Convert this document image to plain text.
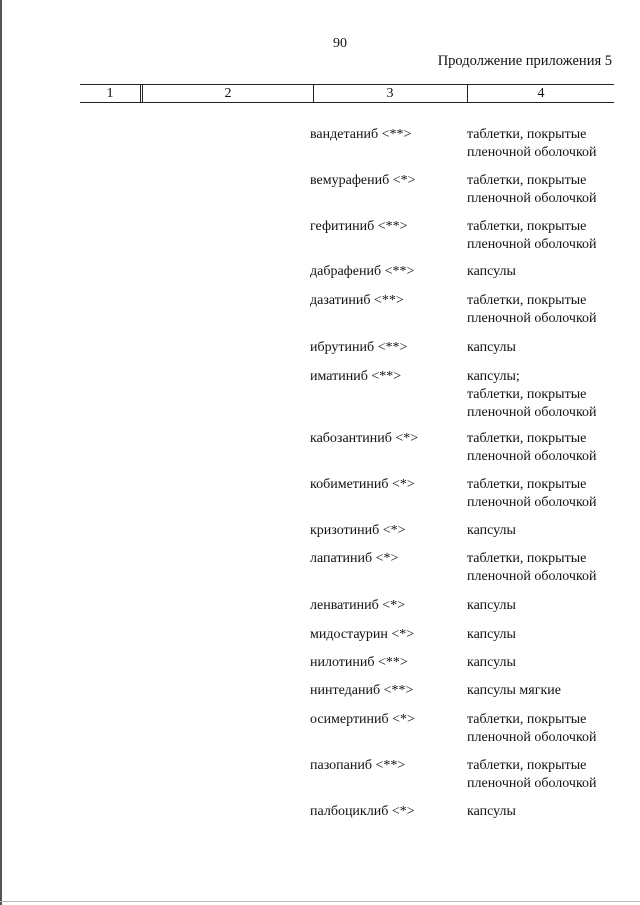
90
Продолжение приложения 5
1	2	3	4
вандетаниб <**>	таблетки, покрытые
пленочной оболочкой
вемурафениб <*>	таблетки, покрытые
пленочной оболочкой
гефитиниб <**>	таблетки, покрытые
пленочной оболочкой
дабрафениб <**>	капсулы
дазатиниб <**>	таблетки, покрытые
пленочной оболочкой
ибрутиниб <**>	капсулы
иматиниб <**>	капсулы;
таблетки, покрытые
пленочной оболочкой
кабозантиниб <*>	таблетки, покрытые
пленочной оболочкой
кобиметиниб <*>	таблетки, покрытые
пленочной оболочкой
кризотиниб <*>	капсулы
лапатиниб <*>	таблетки, покрытые
пленочной оболочкой
ленватиниб <*>	капсулы
мидостаурин <*>	капсулы
нилотиниб <**>	капсулы
нинтеданиб <**>	капсулы мягкие
осимертиниб <*>	таблетки, покрытые
пленочной оболочкой
пазопаниб <**>	таблетки, покрытые
пленочной оболочкой
палбоциклиб <*>	капсулы
